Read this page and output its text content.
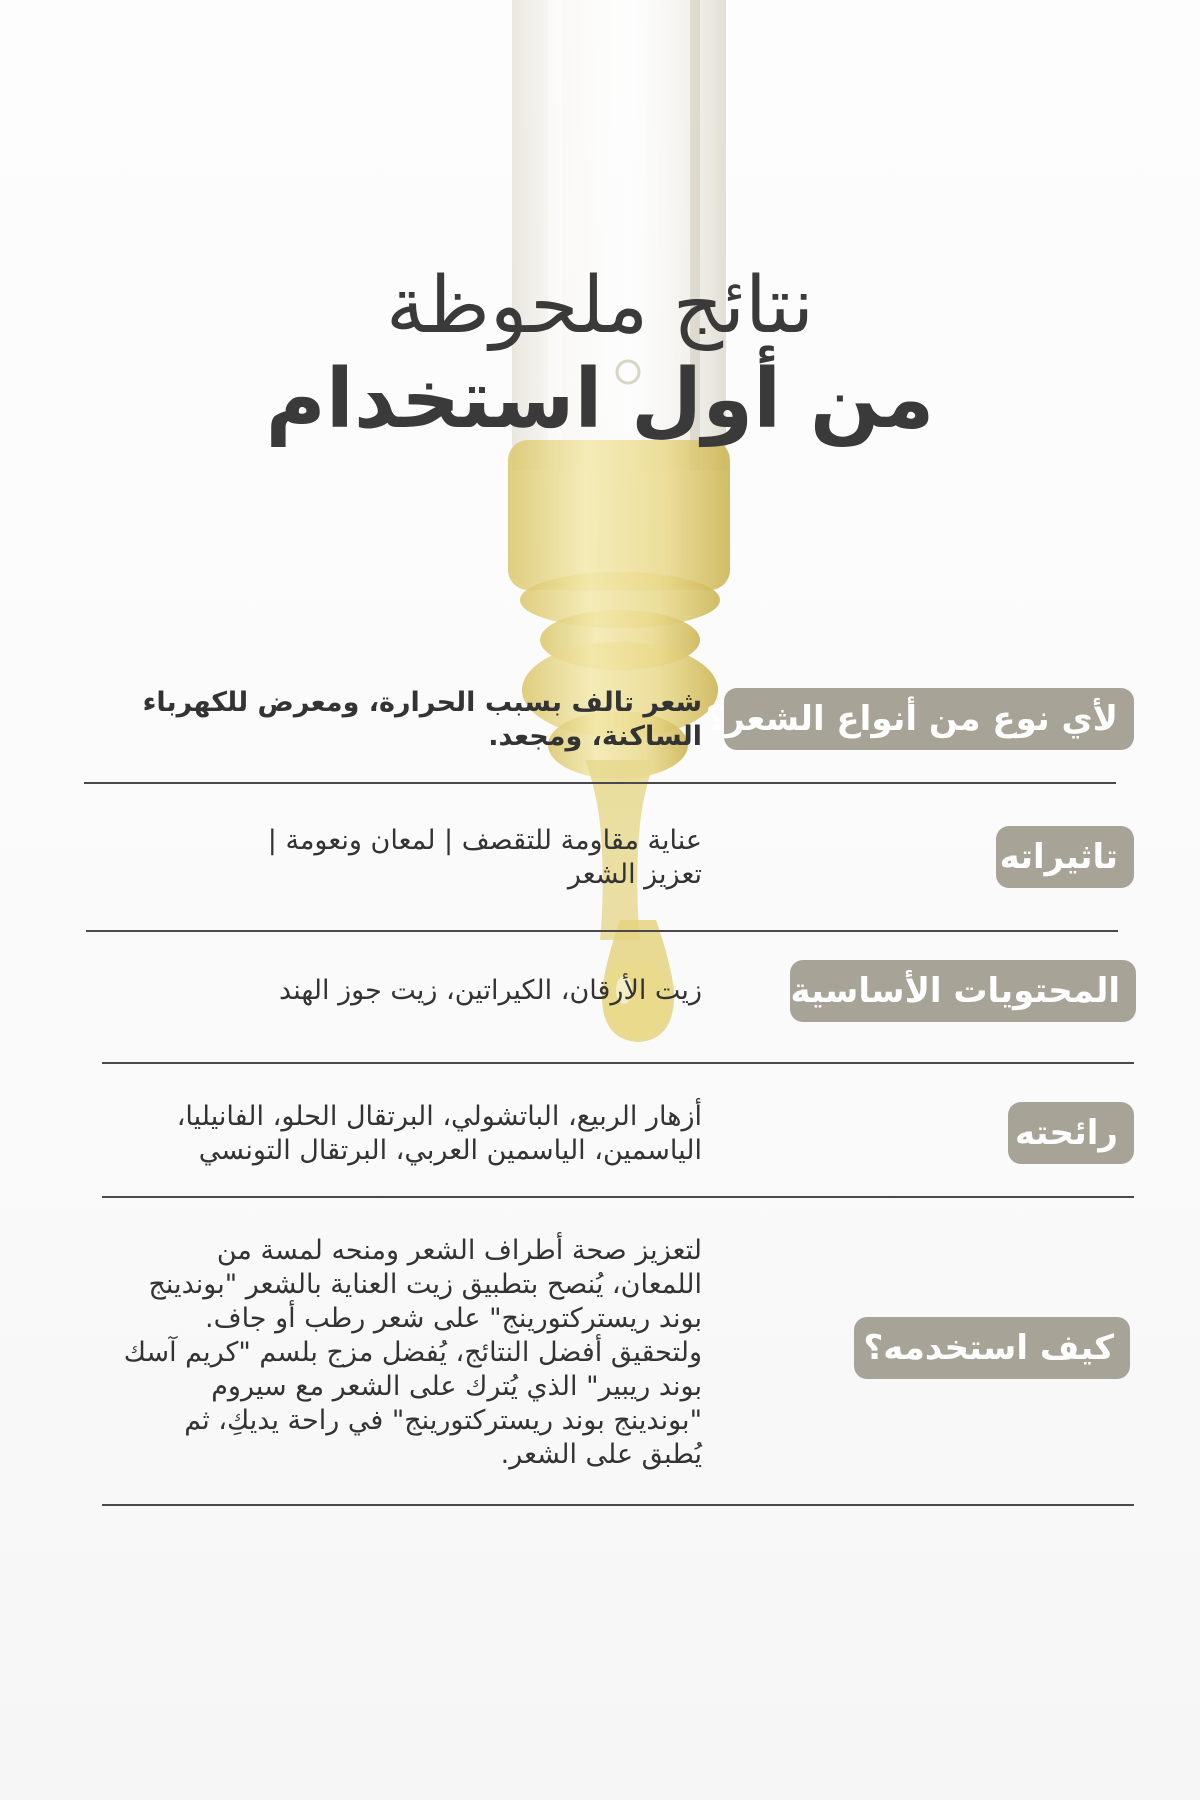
نتائج ملحوظة
من أول استخدام
لأي نوع من أنواع الشعر؟
شعر تالف بسبب الحرارة، ومعرض للكهرباء الساكنة، ومجعد.
تاثيراته
عناية مقاومة للتقصف | لمعان ونعومة | تعزيز الشعر
المحتويات الأساسية
زيت الأرقان، الكيراتين، زيت جوز الهند
رائحته
أزهار الربيع، الباتشولي، البرتقال الحلو، الفانيليا، الياسمين، الياسمين العربي، البرتقال التونسي
كيف استخدمه؟
لتعزيز صحة أطراف الشعر ومنحه لمسة من اللمعان، يُنصح بتطبيق زيت العناية بالشعر "بوندينج بوند ريستركتورينج" على شعر رطب أو جاف. ولتحقيق أفضل النتائج، يُفضل مزج بلسم "كريم آسك بوند ريبير" الذي يُترك على الشعر مع سيروم "بوندينج بوند ريستركتورينج" في راحة يديكِ، ثم يُطبق على الشعر.
